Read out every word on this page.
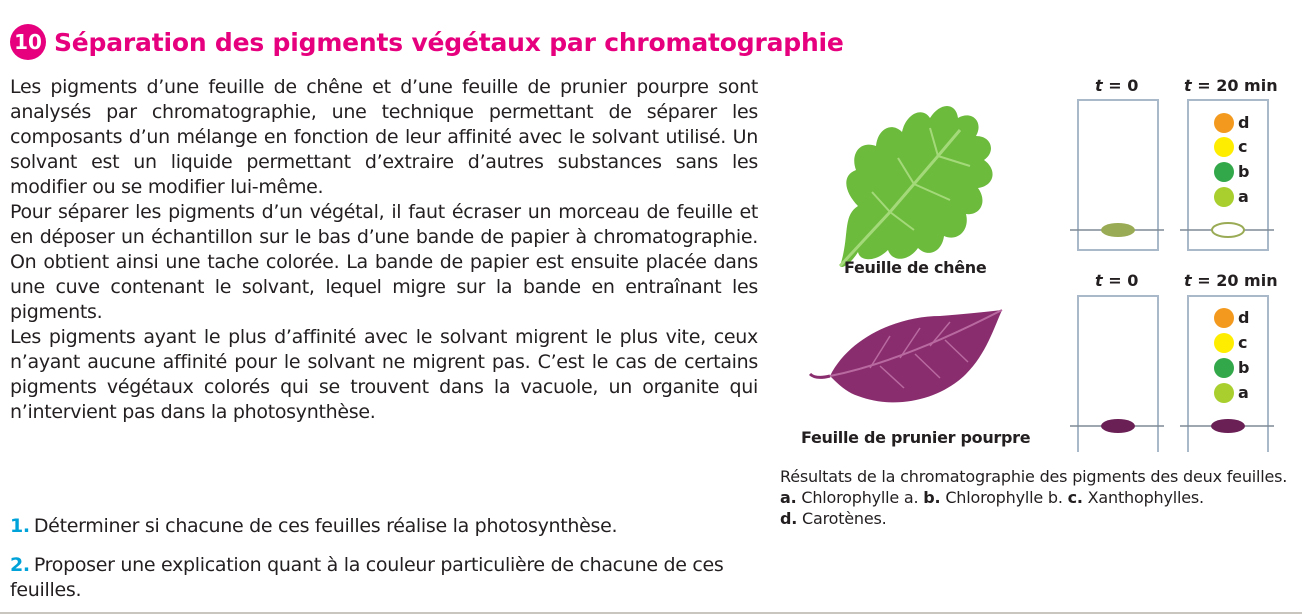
10 Séparation des pigments végétaux par chromatographie

Les pigments d’une feuille de chêne et d’une feuille de prunier pourpre sont analysés par chromatographie, une technique permettant de séparer les composants d’un mélange en fonction de leur affinité avec le solvant utilisé. Un solvant est un liquide permettant d’extraire d’autres substances sans les modifier ou se modifier lui-même.

Pour séparer les pigments d’un végétal, il faut écraser un morceau de feuille et en déposer un échantillon sur le bas d’une bande de papier à chromatographie. On obtient ainsi une tache colorée. La bande de papier est ensuite placée dans une cuve contenant le solvant, lequel migre sur la bande en entraînant les pigments.

Les pigments ayant le plus d’affinité avec le solvant migrent le plus vite, ceux n’ayant aucune affinité pour le solvant ne migrent pas. C’est le cas de certains pigments végétaux colorés qui se trouvent dans la vacuole, un organite qui n’intervient pas dans la photosynthèse.

1. Déterminer si chacune de ces feuilles réalise la photosynthèse.
2. Proposer une explication quant à la couleur particulière de chacune de ces feuilles.
t = 0	t = 20 min
t = 0	t = 20 min
d
c
b
a
d
c
b
a
Feuille de chêne
Feuille de prunier pourpre

Résultats de la chromatographie des pigments des deux feuilles.

a. Chlorophylle a. b. Chlorophylle b. c. Xanthophylles.

d. Carotènes.
